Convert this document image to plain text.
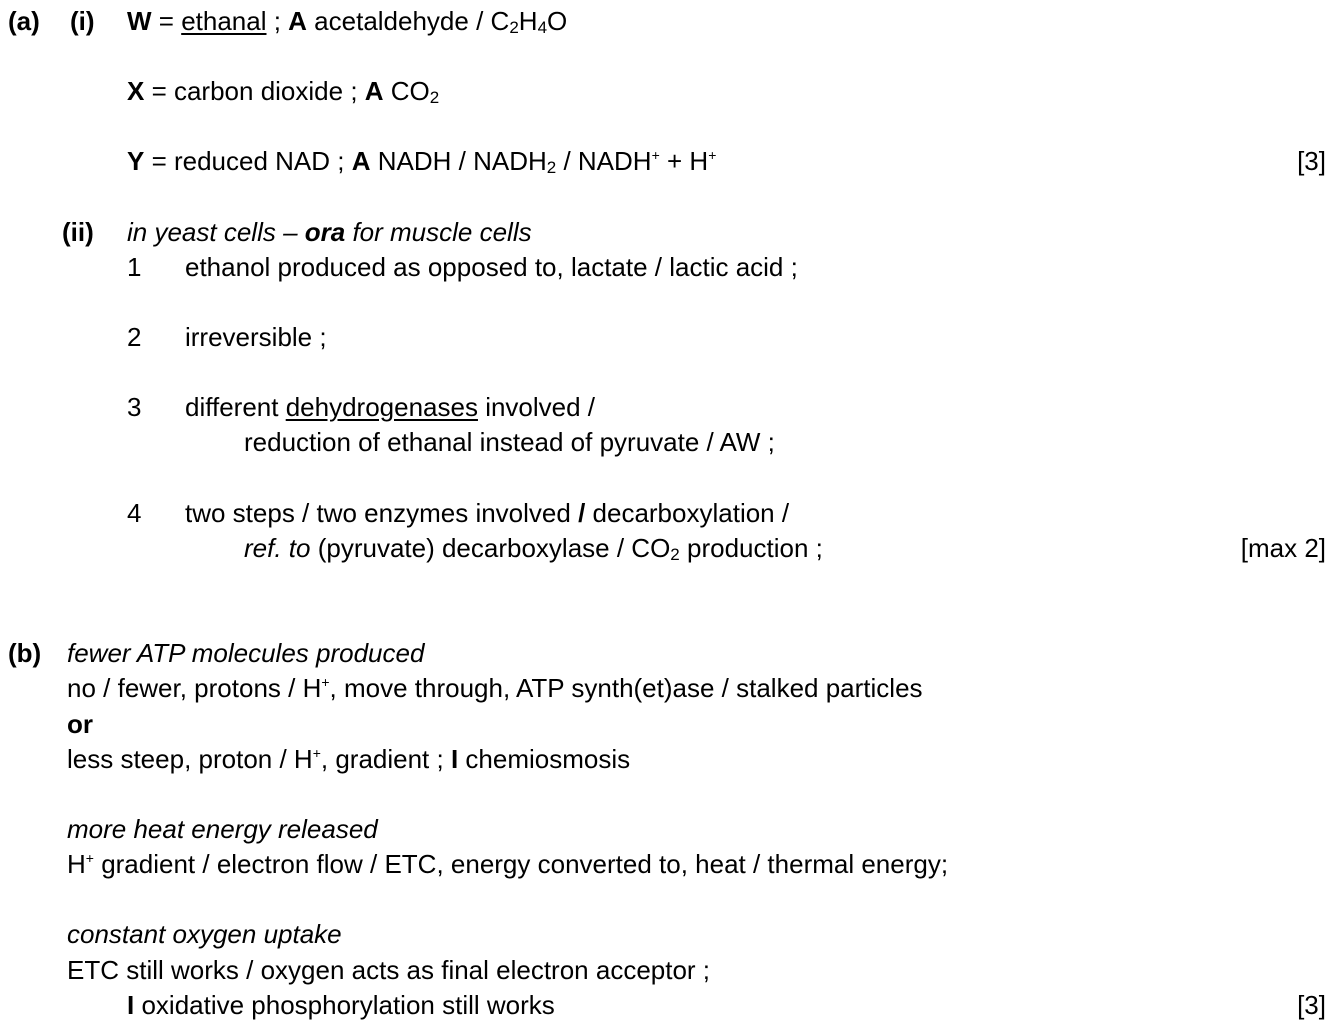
(a) (i) W = ethanal ; A acetaldehyde / $C_2H_4O$
X = carbon dioxide ; A $CO_2$
Y = reduced NAD ; A NADH / $NADH_2$ / NADH+ + H+	[3]
(ii) in yeast cells – ora for muscle cells
1 ethanol produced as opposed to, lactate / lactic acid ;
2 irreversible ;
3 different dehydrogenases involved /
reduction of ethanal instead of pyruvate / AW ;
4 two steps / two enzymes involved / decarboxylation /
ref. to (pyruvate) decarboxylase / $CO_2$ production ;	[max 2]
(b) fewer ATP molecules produced
no / fewer, protons / H+, move through, ATP synth(et)ase / stalked particles
or
less steep, proton / H+, gradient ; I chemiosmosis
more heat energy released
H+ gradient / electron flow / ETC, energy converted to, heat / thermal energy;
constant oxygen uptake
ETC still works / oxygen acts as final electron acceptor ;
I oxidative phosphorylation still works	[3]
